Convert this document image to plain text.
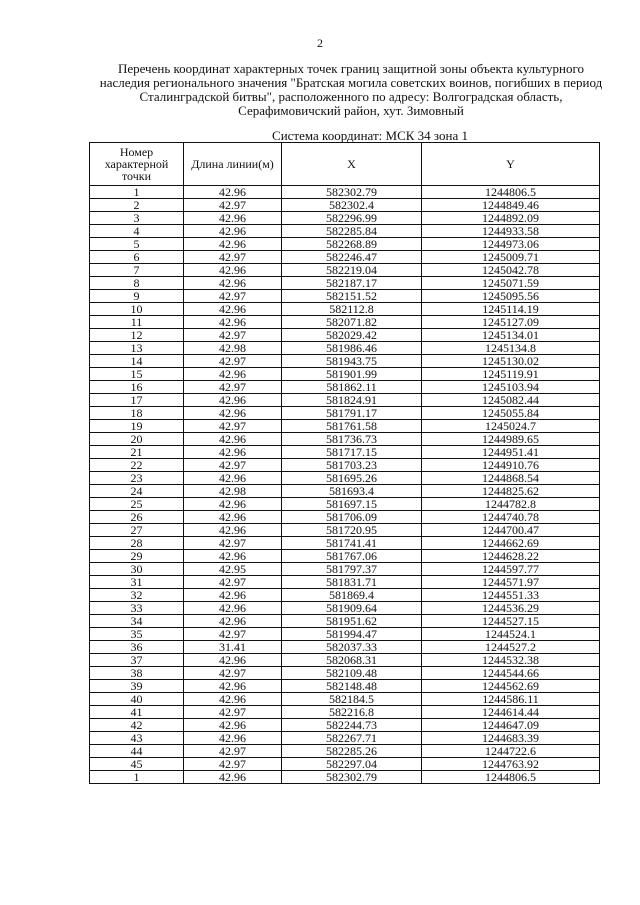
2
Перечень координат характерных точек границ защитной зоны объекта культурного наследия регионального значения "Братская могила советских воинов, погибших в период Сталинградской битвы", расположенного по адресу: Волгоградская область, Серафимовичский район, хут. Зимовный
Система координат: МСК 34 зона 1
Номер характерной точки	Длина линии(м)	X	Y
1	42.96	582302.79	1244806.5
2	42.97	582302.4	1244849.46
3	42.96	582296.99	1244892.09
4	42.96	582285.84	1244933.58
5	42.96	582268.89	1244973.06
6	42.97	582246.47	1245009.71
7	42.96	582219.04	1245042.78
8	42.96	582187.17	1245071.59
9	42.97	582151.52	1245095.56
10	42.96	582112.8	1245114.19
11	42.96	582071.82	1245127.09
12	42.97	582029.42	1245134.01
13	42.98	581986.46	1245134.8
14	42.97	581943.75	1245130.02
15	42.96	581901.99	1245119.91
16	42.97	581862.11	1245103.94
17	42.96	581824.91	1245082.44
18	42.96	581791.17	1245055.84
19	42.97	581761.58	1245024.7
20	42.96	581736.73	1244989.65
21	42.96	581717.15	1244951.41
22	42.97	581703.23	1244910.76
23	42.96	581695.26	1244868.54
24	42.98	581693.4	1244825.62
25	42.96	581697.15	1244782.8
26	42.96	581706.09	1244740.78
27	42.96	581720.95	1244700.47
28	42.97	581741.41	1244662.69
29	42.96	581767.06	1244628.22
30	42.95	581797.37	1244597.77
31	42.97	581831.71	1244571.97
32	42.96	581869.4	1244551.33
33	42.96	581909.64	1244536.29
34	42.96	581951.62	1244527.15
35	42.97	581994.47	1244524.1
36	31.41	582037.33	1244527.2
37	42.96	582068.31	1244532.38
38	42.97	582109.48	1244544.66
39	42.96	582148.48	1244562.69
40	42.96	582184.5	1244586.11
41	42.97	582216.8	1244614.44
42	42.96	582244.73	1244647.09
43	42.96	582267.71	1244683.39
44	42.97	582285.26	1244722.6
45	42.97	582297.04	1244763.92
1	42.96	582302.79	1244806.5
